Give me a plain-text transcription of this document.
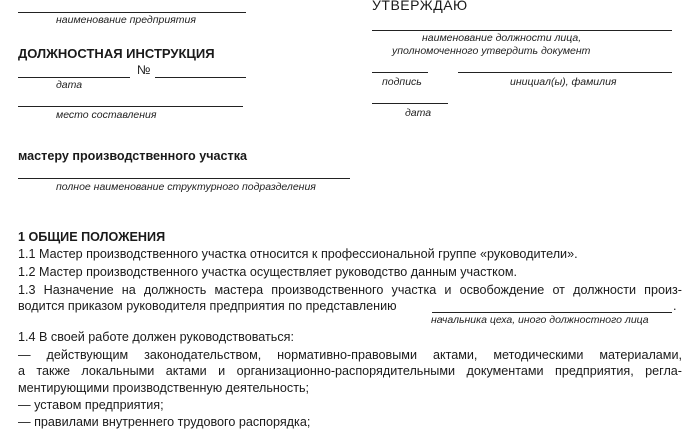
наименование предприятия
ДОЛЖНОСТНАЯ ИНСТРУКЦИЯ
№
дата
место составления
УТВЕРЖДАЮ
наименование должности лица,
уполномоченного утвердить документ
подпись	инициал(ы), фамилия
дата
мастеру производственного участка
полное наименование структурного подразделения
1 ОБЩИЕ ПОЛОЖЕНИЯ
1.1 Мастер производственного участка относится к профессиональной группе «руководители».
1.2 Мастер производственного участка осуществляет руководство данным участком.
1.3 Назначение на должность мастера производственного участка и освобождение от должности произ-
водится приказом руководителя предприятия по представлению	.
начальника цеха, иного должностного лица
1.4 В своей работе должен руководствоваться:
— действующим законодательством, нормативно-правовыми актами, методическими материалами,
а также локальными актами и организационно-распорядительными документами предприятия, регла-
ментирующими производственную деятельность;
— уставом предприятия;
— правилами внутреннего трудового распорядка;
